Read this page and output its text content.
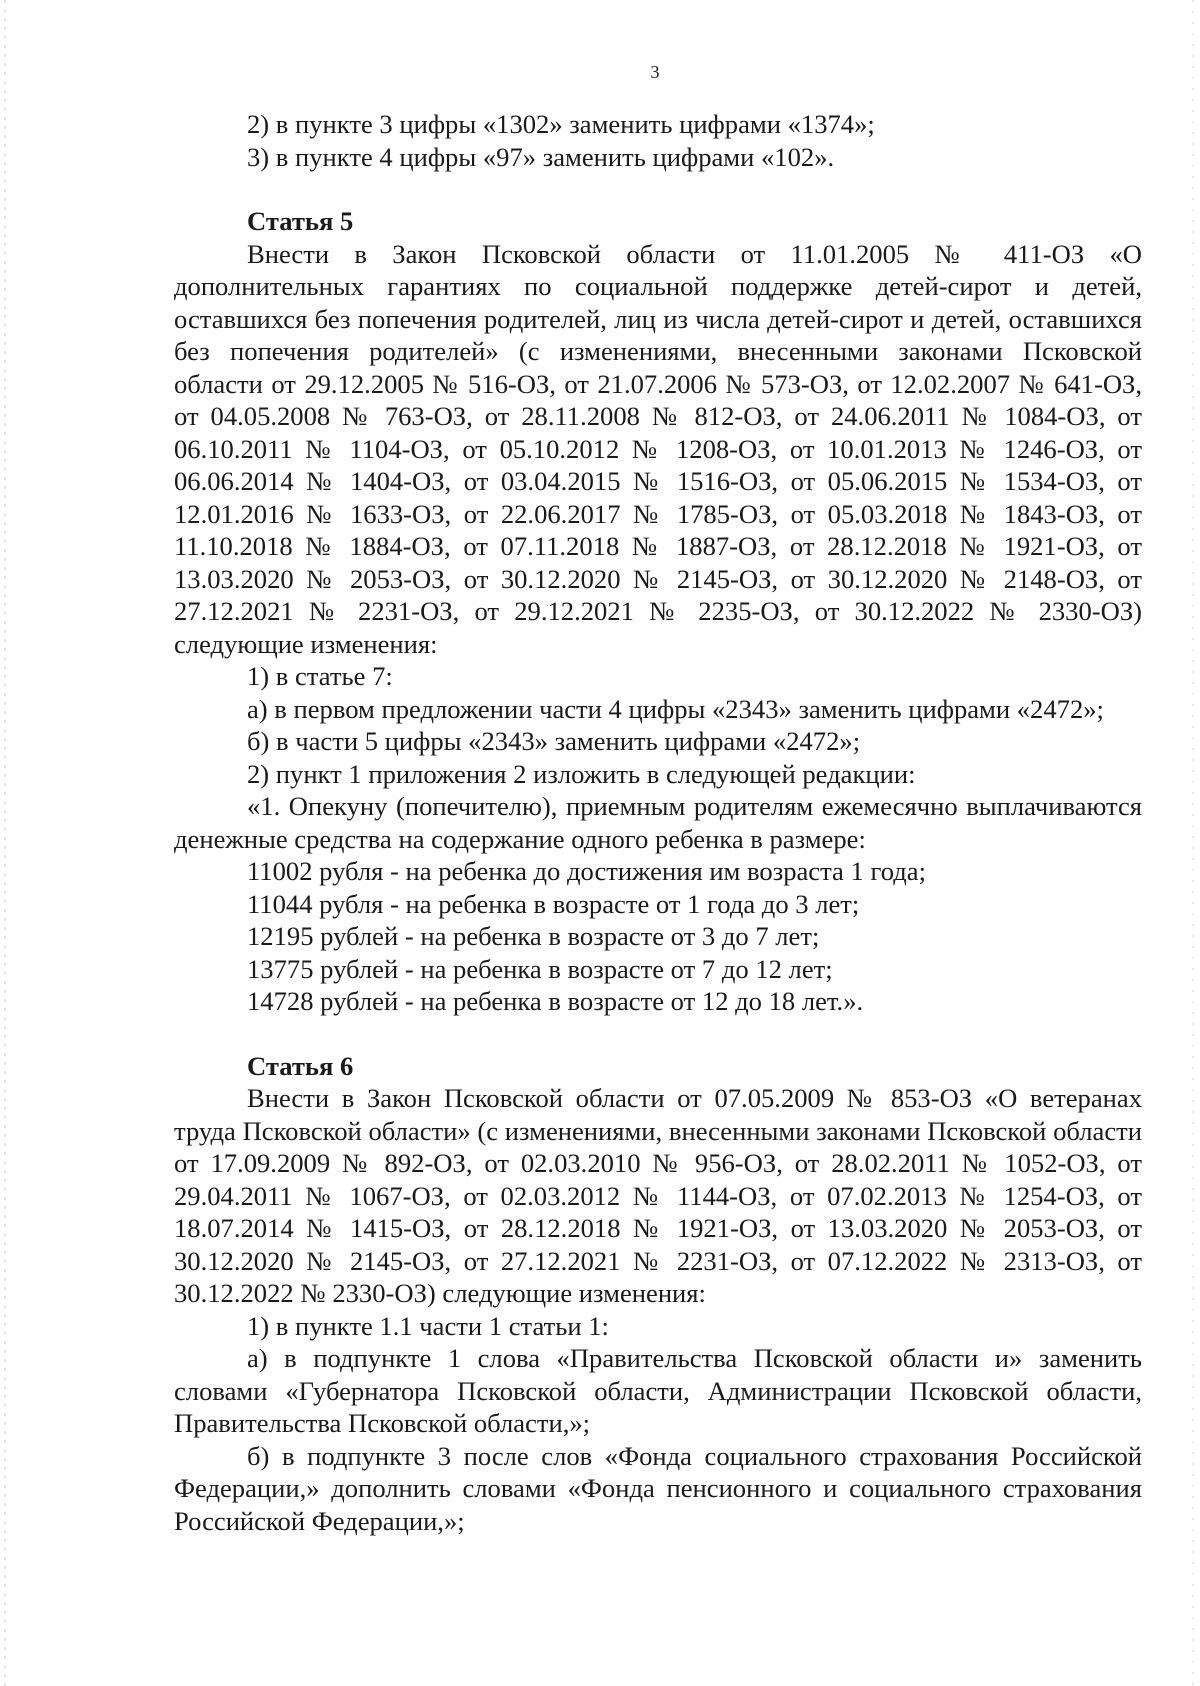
3

2) в пункте 3 цифры «1302» заменить цифрами «1374»;

3) в пункте 4 цифры «97» заменить цифрами «102».

Статья 5

Внести в Закон Псковской области от 11.01.2005 № 411-ОЗ «О дополнительных гарантиях по социальной поддержке детей-сирот и детей, оставшихся без попечения родителей, лиц из числа детей-сирот и детей, оставшихся без попечения родителей» (с изменениями, внесенными законами Псковской области от 29.12.2005 № 516-ОЗ, от 21.07.2006 № 573-ОЗ, от 12.02.2007 № 641-ОЗ, от 04.05.2008 № 763-ОЗ, от 28.11.2008 № 812-ОЗ, от 24.06.2011 № 1084-ОЗ, от 06.10.2011 № 1104-ОЗ, от 05.10.2012 № 1208-ОЗ, от 10.01.2013 № 1246-ОЗ, от 06.06.2014 № 1404-ОЗ, от 03.04.2015 № 1516-ОЗ, от 05.06.2015 № 1534-ОЗ, от 12.01.2016 № 1633-ОЗ, от 22.06.2017 № 1785-ОЗ, от 05.03.2018 № 1843-ОЗ, от 11.10.2018 № 1884-ОЗ, от 07.11.2018 № 1887-ОЗ, от 28.12.2018 № 1921-ОЗ, от 13.03.2020 № 2053-ОЗ, от 30.12.2020 № 2145-ОЗ, от 30.12.2020 № 2148-ОЗ, от 27.12.2021 № 2231-ОЗ, от 29.12.2021 № 2235-ОЗ, от 30.12.2022 № 2330-ОЗ) следующие изменения:

1) в статье 7:

а) в первом предложении части 4 цифры «2343» заменить цифрами «2472»;

б) в части 5 цифры «2343» заменить цифрами «2472»;

2) пункт 1 приложения 2 изложить в следующей редакции:

«1. Опекуну (попечителю), приемным родителям ежемесячно выплачиваются денежные средства на содержание одного ребенка в размере:

11002 рубля - на ребенка до достижения им возраста 1 года;

11044 рубля - на ребенка в возрасте от 1 года до 3 лет;

12195 рублей - на ребенка в возрасте от 3 до 7 лет;

13775 рублей - на ребенка в возрасте от 7 до 12 лет;

14728 рублей - на ребенка в возрасте от 12 до 18 лет.».

Статья 6

Внести в Закон Псковской области от 07.05.2009 № 853-ОЗ «О ветеранах труда Псковской области» (с изменениями, внесенными законами Псковской области от 17.09.2009 № 892-ОЗ, от 02.03.2010 № 956-ОЗ, от 28.02.2011 № 1052-ОЗ, от 29.04.2011 № 1067-ОЗ, от 02.03.2012 № 1144-ОЗ, от 07.02.2013 № 1254-ОЗ, от 18.07.2014 № 1415-ОЗ, от 28.12.2018 № 1921-ОЗ, от 13.03.2020 № 2053-ОЗ, от 30.12.2020 № 2145-ОЗ, от 27.12.2021 № 2231-ОЗ, от 07.12.2022 № 2313-ОЗ, от 30.12.2022 № 2330-ОЗ) следующие изменения:

1) в пункте 1.1 части 1 статьи 1:

а) в подпункте 1 слова «Правительства Псковской области и» заменить словами «Губернатора Псковской области, Администрации Псковской области, Правительства Псковской области,»;

б) в подпункте 3 после слов «Фонда социального страхования Российской Федерации,» дополнить словами «Фонда пенсионного и социального страхования Российской Федерации,»;
